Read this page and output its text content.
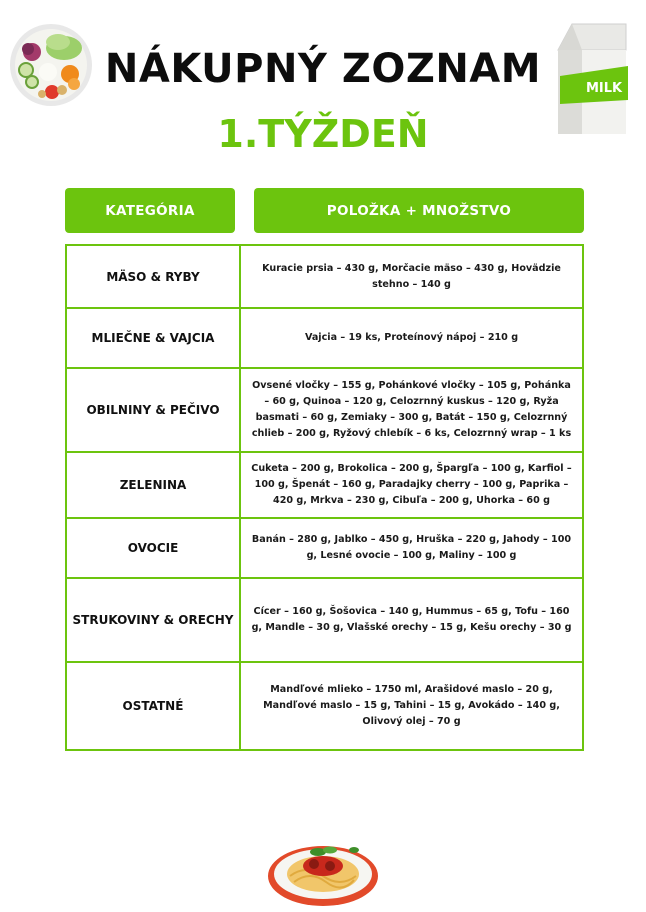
MILK
NÁKUPNÝ ZOZNAM
1.TÝŽDEŇ
KATEGÓRIA	POLOŽKA + MNOŽSTVO
MÄSO & RYBY
Kuracie prsia – 430 g, Morčacie mäso – 430 g, Hovädzie stehno – 140 g
MLIEČNE & VAJCIA	Vajcia – 19 ks, Proteínový nápoj – 210 g
OBILNINY & PEČIVO
Ovsené vločky – 155 g, Pohánkové vločky – 105 g, Pohánka – 60 g, Quinoa – 120 g, Celozrnný kuskus – 120 g, Ryža basmati – 60 g, Zemiaky – 300 g, Batát – 150 g, Celozrnný chlieb – 200 g, Ryžový chlebík – 6 ks, Celozrnný wrap – 1 ks
ZELENINA
Cuketa – 200 g, Brokolica – 200 g, Špargľa – 100 g, Karfiol – 100 g, Špenát – 160 g, Paradajky cherry – 100 g, Paprika – 420 g, Mrkva – 230 g, Cibuľa – 200 g, Uhorka – 60 g
OVOCIE
Banán – 280 g, Jablko – 450 g, Hruška – 220 g, Jahody – 100 g, Lesné ovocie – 100 g, Maliny – 100 g
STRUKOVINY & ORECHY
Cícer – 160 g, Šošovica – 140 g, Hummus – 65 g, Tofu – 160 g, Mandle – 30 g, Vlašské orechy – 15 g, Kešu orechy – 30 g
OSTATNÉ
Mandľové mlieko – 1750 ml, Arašidové maslo – 20 g, Mandľové maslo – 15 g, Tahini – 15 g, Avokádo – 140 g, Olivový olej – 70 g
